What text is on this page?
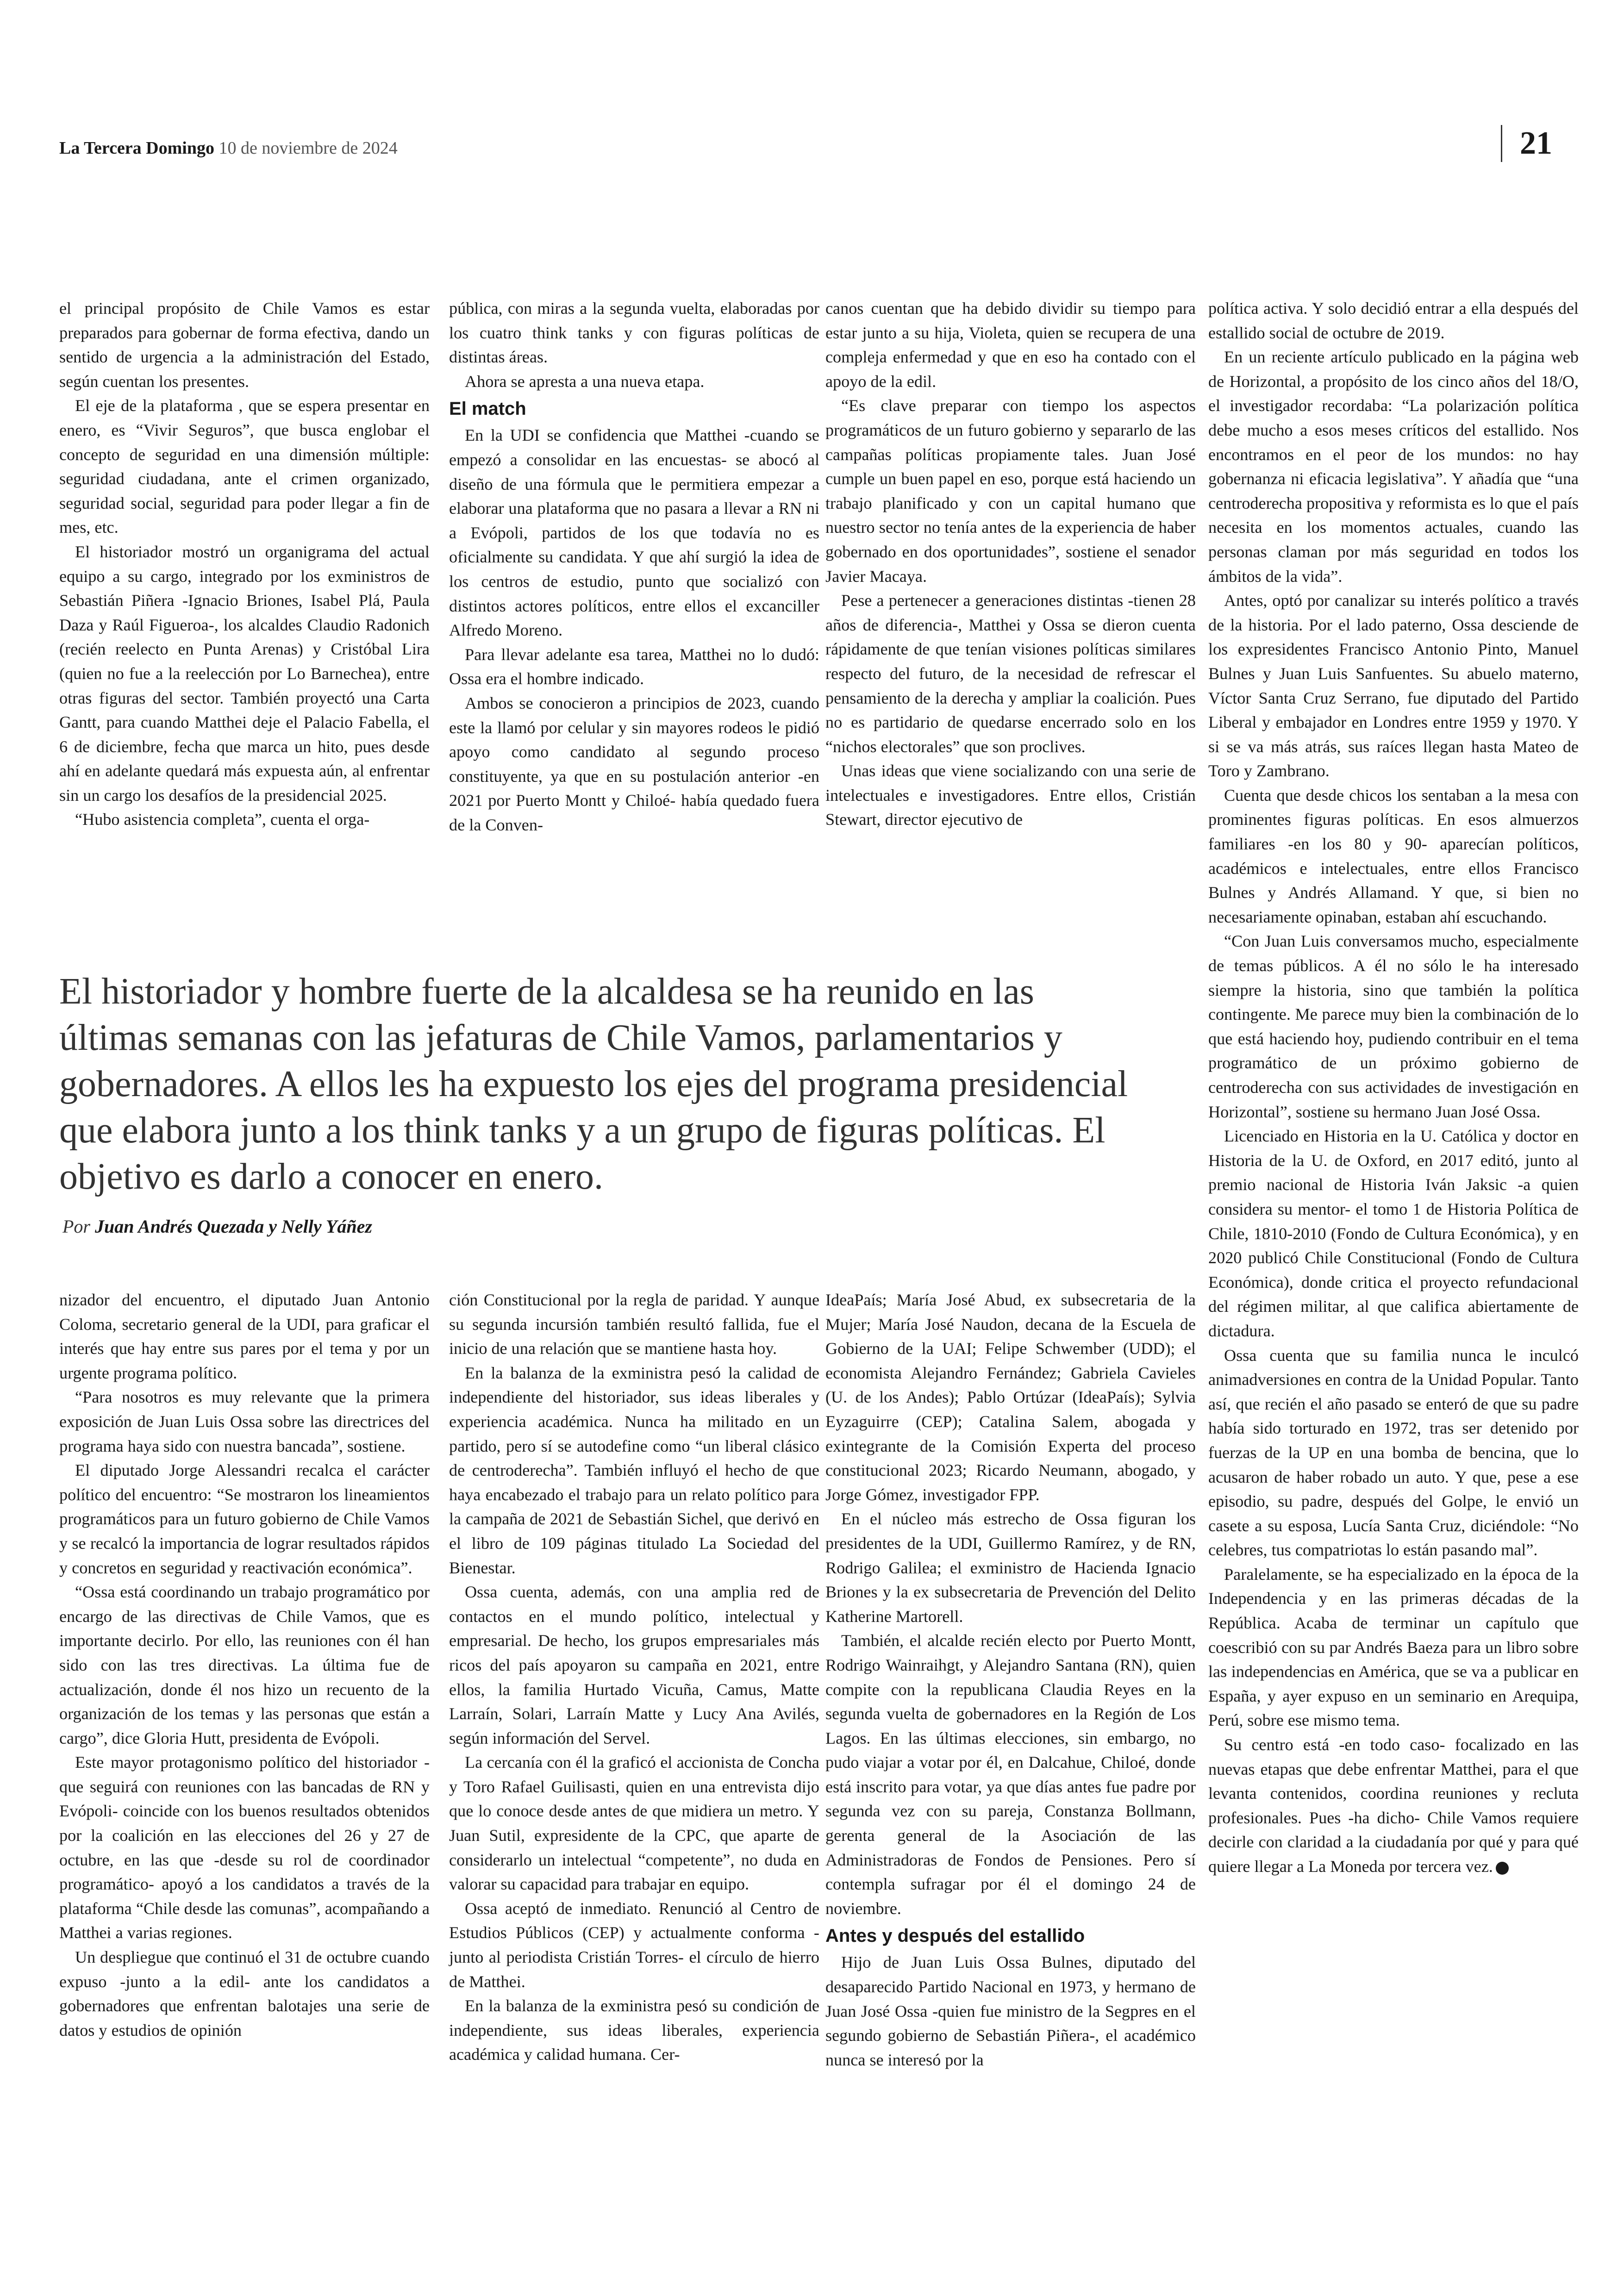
La Tercera Domingo 10 de noviembre de 2024	21

el principal propósito de Chile Vamos es estar preparados para gobernar de forma efectiva, dando un sentido de urgencia a la administración del Estado, según cuentan los presentes.

El eje de la plataforma , que se espera presentar en enero, es “Vivir Seguros”, que busca englobar el concepto de seguridad en una dimensión múltiple: seguridad ciudadana, ante el crimen organizado, seguridad social, seguridad para poder llegar a fin de mes, etc.

El historiador mostró un organigrama del actual equipo a su cargo, integrado por los exministros de Sebastián Piñera -Ignacio Briones, Isabel Plá, Paula Daza y Raúl Figueroa-, los alcaldes Claudio Radonich (recién reelecto en Punta Arenas) y Cristóbal Lira (quien no fue a la reelección por Lo Barnechea), entre otras figuras del sector. También proyectó una Carta Gantt, para cuando Matthei deje el Palacio Fabella, el 6 de diciembre, fecha que marca un hito, pues desde ahí en adelante quedará más expuesta aún, al enfrentar sin un cargo los desafíos de la presidencial 2025.

“Hubo asistencia completa”, cuenta el orga-

pública, con miras a la segunda vuelta, elaboradas por los cuatro think tanks y con figuras políticas de distintas áreas.

Ahora se apresta a una nueva etapa.

El match

En la UDI se confidencia que Matthei -cuando se empezó a consolidar en las encuestas- se abocó al diseño de una fórmula que le permitiera empezar a elaborar una plataforma que no pasara a llevar a RN ni a Evópoli, partidos de los que todavía no es oficialmente su candidata. Y que ahí surgió la idea de los centros de estudio, punto que socializó con distintos actores políticos, entre ellos el excanciller Alfredo Moreno.

Para llevar adelante esa tarea, Matthei no lo dudó: Ossa era el hombre indicado.

Ambos se conocieron a principios de 2023, cuando este la llamó por celular y sin mayores rodeos le pidió apoyo como candidato al segundo proceso constituyente, ya que en su postulación anterior -en 2021 por Puerto Montt y Chiloé- había quedado fuera de la Conven-

canos cuentan que ha debido dividir su tiempo para estar junto a su hija, Violeta, quien se recupera de una compleja enfermedad y que en eso ha contado con el apoyo de la edil.

“Es clave preparar con tiempo los aspectos programáticos de un futuro gobierno y separarlo de las campañas políticas propiamente tales. Juan José cumple un buen papel en eso, porque está haciendo un trabajo planificado y con un capital humano que nuestro sector no tenía antes de la experiencia de haber gobernado en dos oportunidades”, sostiene el senador Javier Macaya.

Pese a pertenecer a generaciones distintas -tienen 28 años de diferencia-, Matthei y Ossa se dieron cuenta rápidamente de que tenían visiones políticas similares respecto del futuro, de la necesidad de refrescar el pensamiento de la derecha y ampliar la coalición. Pues no es partidario de quedarse encerrado solo en los “nichos electorales” que son proclives.

Unas ideas que viene socializando con una serie de intelectuales e investigadores. Entre ellos, Cristián Stewart, director ejecutivo de

política activa. Y solo decidió entrar a ella después del estallido social de octubre de 2019.

En un reciente artículo publicado en la página web de Horizontal, a propósito de los cinco años del 18/O, el investigador recordaba: “La polarización política debe mucho a esos meses críticos del estallido. Nos encontramos en el peor de los mundos: no hay gobernanza ni eficacia legislativa”. Y añadía que “una centroderecha propositiva y reformista es lo que el país necesita en los momentos actuales, cuando las personas claman por más seguridad en todos los ámbitos de la vida”.

Antes, optó por canalizar su interés político a través de la historia. Por el lado paterno, Ossa desciende de los expresidentes Francisco Antonio Pinto, Manuel Bulnes y Juan Luis Sanfuentes. Su abuelo materno, Víctor Santa Cruz Serrano, fue diputado del Partido Liberal y embajador en Londres entre 1959 y 1970. Y si se va más atrás, sus raíces llegan hasta Mateo de Toro y Zambrano.

Cuenta que desde chicos los sentaban a la mesa con prominentes figuras políticas. En esos almuerzos familiares -en los 80 y 90- aparecían políticos, académicos e intelectuales, entre ellos Francisco Bulnes y Andrés Allamand. Y que, si bien no necesariamente opinaban, estaban ahí escuchando.

“Con Juan Luis conversamos mucho, especialmente de temas públicos. A él no sólo le ha interesado siempre la historia, sino que también la política contingente. Me parece muy bien la combinación de lo que está haciendo hoy, pudiendo contribuir en el tema programático de un próximo gobierno de centroderecha con sus actividades de investigación en Horizontal”, sostiene su hermano Juan José Ossa.

Licenciado en Historia en la U. Católica y doctor en Historia de la U. de Oxford, en 2017 editó, junto al premio nacional de Historia Iván Jaksic -a quien considera su mentor- el tomo 1 de Historia Política de Chile, 1810-2010 (Fondo de Cultura Económica), y en 2020 publicó Chile Constitucional (Fondo de Cultura Económica), donde critica el proyecto refundacional del régimen militar, al que califica abiertamente de dictadura.

Ossa cuenta que su familia nunca le inculcó animadversiones en contra de la Unidad Popular. Tanto así, que recién el año pasado se enteró de que su padre había sido torturado en 1972, tras ser detenido por fuerzas de la UP en una bomba de bencina, que lo acusaron de haber robado un auto. Y que, pese a ese episodio, su padre, después del Golpe, le envió un casete a su esposa, Lucía Santa Cruz, diciéndole: “No celebres, tus compatriotas lo están pasando mal”.

Paralelamente, se ha especializado en la época de la Independencia y en las primeras décadas de la República. Acaba de terminar un capítulo que coescribió con su par Andrés Baeza para un libro sobre las independencias en América, que se va a publicar en España, y ayer expuso en un seminario en Arequipa, Perú, sobre ese mismo tema.

Su centro está -en todo caso- focalizado en las nuevas etapas que debe enfrentar Matthei, para el que levanta contenidos, coordina reuniones y recluta profesionales. Pues -ha dicho- Chile Vamos requiere decirle con claridad a la ciudadanía por qué y para qué quiere llegar a La Moneda por tercera vez.

El historiador y hombre fuerte de la alcaldesa se ha reunido en las últimas semanas con las jefaturas de Chile Vamos, parlamentarios y gobernadores. A ellos les ha expuesto los ejes del programa presidencial que elabora junto a los think tanks y a un grupo de figuras políticas. El objetivo es darlo a conocer en enero.
Por Juan Andrés Quezada y Nelly Yáñez

nizador del encuentro, el diputado Juan Antonio Coloma, secretario general de la UDI, para graficar el interés que hay entre sus pares por el tema y por un urgente programa político.

“Para nosotros es muy relevante que la primera exposición de Juan Luis Ossa sobre las directrices del programa haya sido con nuestra bancada”, sostiene.

El diputado Jorge Alessandri recalca el carácter político del encuentro: “Se mostraron los lineamientos programáticos para un futuro gobierno de Chile Vamos y se recalcó la importancia de lograr resultados rápidos y concretos en seguridad y reactivación económica”.

“Ossa está coordinando un trabajo programático por encargo de las directivas de Chile Vamos, que es importante decirlo. Por ello, las reuniones con él han sido con las tres directivas. La última fue de actualización, donde él nos hizo un recuento de la organización de los temas y las personas que están a cargo”, dice Gloria Hutt, presidenta de Evópoli.

Este mayor protagonismo político del historiador -que seguirá con reuniones con las bancadas de RN y Evópoli- coincide con los buenos resultados obtenidos por la coalición en las elecciones del 26 y 27 de octubre, en las que -desde su rol de coordinador programático- apoyó a los candidatos a través de la plataforma “Chile desde las comunas”, acompañando a Matthei a varias regiones.

Un despliegue que continuó el 31 de octubre cuando expuso -junto a la edil- ante los candidatos a gobernadores que enfrentan balotajes una serie de datos y estudios de opinión

ción Constitucional por la regla de paridad. Y aunque su segunda incursión también resultó fallida, fue el inicio de una relación que se mantiene hasta hoy.

En la balanza de la exministra pesó la calidad de independiente del historiador, sus ideas liberales y experiencia académica. Nunca ha militado en un partido, pero sí se autodefine como “un liberal clásico de centroderecha”. También influyó el hecho de que haya encabezado el trabajo para un relato político para la campaña de 2021 de Sebastián Sichel, que derivó en el libro de 109 páginas titulado La Sociedad del Bienestar.

Ossa cuenta, además, con una amplia red de contactos en el mundo político, intelectual y empresarial. De hecho, los grupos empresariales más ricos del país apoyaron su campaña en 2021, entre ellos, la familia Hurtado Vicuña, Camus, Matte Larraín, Solari, Larraín Matte y Lucy Ana Avilés, según información del Servel.

La cercanía con él la graficó el accionista de Concha y Toro Rafael Guilisasti, quien en una entrevista dijo que lo conoce desde antes de que midiera un metro. Y Juan Sutil, expresidente de la CPC, que aparte de considerarlo un intelectual “competente”, no duda en valorar su capacidad para trabajar en equipo.

Ossa aceptó de inmediato. Renunció al Centro de Estudios Públicos (CEP) y actualmente conforma -junto al periodista Cristián Torres- el círculo de hierro de Matthei.

En la balanza de la exministra pesó su condición de independiente, sus ideas liberales, experiencia académica y calidad humana. Cer-

IdeaPaís; María José Abud, ex subsecretaria de la Mujer; María José Naudon, decana de la Escuela de Gobierno de la UAI; Felipe Schwember (UDD); el economista Alejandro Fernández; Gabriela Cavieles (U. de los Andes); Pablo Ortúzar (IdeaPaís); Sylvia Eyzaguirre (CEP); Catalina Salem, abogada y exintegrante de la Comisión Experta del proceso constitucional 2023; Ricardo Neumann, abogado, y Jorge Gómez, investigador FPP.

En el núcleo más estrecho de Ossa figuran los presidentes de la UDI, Guillermo Ramírez, y de RN, Rodrigo Galilea; el exministro de Hacienda Ignacio Briones y la ex subsecretaria de Prevención del Delito Katherine Martorell.

También, el alcalde recién electo por Puerto Montt, Rodrigo Wainraihgt, y Alejandro Santana (RN), quien compite con la republicana Claudia Reyes en la segunda vuelta de gobernadores en la Región de Los Lagos. En las últimas elecciones, sin embargo, no pudo viajar a votar por él, en Dalcahue, Chiloé, donde está inscrito para votar, ya que días antes fue padre por segunda vez con su pareja, Constanza Bollmann, gerenta general de la Asociación de las Administradoras de Fondos de Pensiones. Pero sí contempla sufragar por él el domingo 24 de noviembre.

Antes y después del estallido

Hijo de Juan Luis Ossa Bulnes, diputado del desaparecido Partido Nacional en 1973, y hermano de Juan José Ossa -quien fue ministro de la Segpres en el segundo gobierno de Sebastián Piñera-, el académico nunca se interesó por la
